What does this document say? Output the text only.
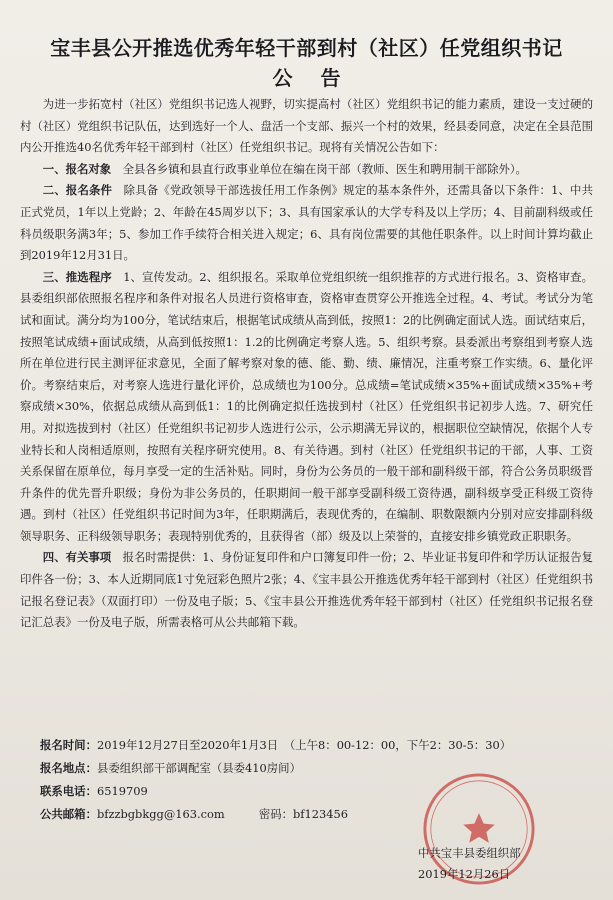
宝丰县公开推选优秀年轻干部到村（社区）任党组织书记
公告

为进一步拓宽村（社区）党组织书记选人视野，切实提高村（社区）党组织书记的能力素质，建设一支过硬的村（社区）党组织书记队伍，达到选好一个人、盘活一个支部、振兴一个村的效果，经县委同意，决定在全县范围内公开推选40名优秀年轻干部到村（社区）任党组织书记。现将有关情况公告如下：

一、报名对象　 全县各乡镇和县直行政事业单位在编在岗干部（教师、医生和聘用制干部除外）。

二、报名条件　 除具备《党政领导干部选拔任用工作条例》规定的基本条件外，还需具备以下条件：1、中共正式党员，1年以上党龄；2、年龄在45周岁以下；3、具有国家承认的大学专科及以上学历；4、目前副科级或任科员级职务满3年；5、参加工作手续符合相关进入规定；6、具有岗位需要的其他任职条件。以上时间计算均截止到2019年12月31日。

三、推选程序　 1、宣传发动。2、组织报名。采取单位党组织统一组织推荐的方式进行报名。3、资格审查。县委组织部依照报名程序和条件对报名人员进行资格审查，资格审查贯穿公开推选全过程。4、考试。考试分为笔试和面试。满分均为100分，笔试结束后，根据笔试成绩从高到低，按照1：2的比例确定面试人选。面试结束后，按照笔试成绩+面试成绩，从高到低按照1：1.2的比例确定考察人选。5、组织考察。县委派出考察组到考察人选所在单位进行民主测评征求意见，全面了解考察对象的德、能、勤、绩、廉情况，注重考察工作实绩。6、量化评价。考察结束后，对考察人选进行量化评价，总成绩也为100分。总成绩=笔试成绩×35%+面试成绩×35%+考察成绩×30%，依据总成绩从高到低1：1的比例确定拟任选拔到村（社区）任党组织书记初步人选。7、研究任用。对拟选拔到村（社区）任党组织书记初步人选进行公示，公示期满无异议的，根据职位空缺情况，依据个人专业特长和人岗相适原则，按照有关程序研究使用。8、有关待遇。到村（社区）任党组织书记的干部，人事、工资关系保留在原单位，每月享受一定的生活补贴。同时，身份为公务员的一般干部和副科级干部，符合公务员职级晋升条件的优先晋升职级；身份为非公务员的，任职期间一般干部享受副科级工资待遇，副科级享受正科级工资待遇。到村（社区）任党组织书记时间为3年，任职期满后，表现优秀的，在编制、职数限额内分别对应安排副科级领导职务、正科级领导职务；表现特别优秀的，且获得省（部）级及以上荣誉的，直接安排乡镇党政正职职务。

四、有关事项　 报名时需提供：1、身份证复印件和户口簿复印件一份；2、毕业证书复印件和学历认证报告复印件各一份；3、本人近期同底1寸免冠彩色照片2张；4、《宝丰县公开推选优秀年轻干部到村（社区）任党组织书记报名登记表》（双面打印）一份及电子版；5、《宝丰县公开推选优秀年轻干部到村（社区）任党组织书记报名登记汇总表》一份及电子版，所需表格可从公共邮箱下载。

报名时间：2019年12月27日至2020年1月3日　 （上午8：00-12：00，下午2：30-5：30）
报名地点：县委组织部干部调配室（县委410房间）
联系电话：6519709
公共邮箱：bfzzbgbkgg@163.com　　　	密码：bf123456
中共宝丰县委组织部
2019年12月26日
